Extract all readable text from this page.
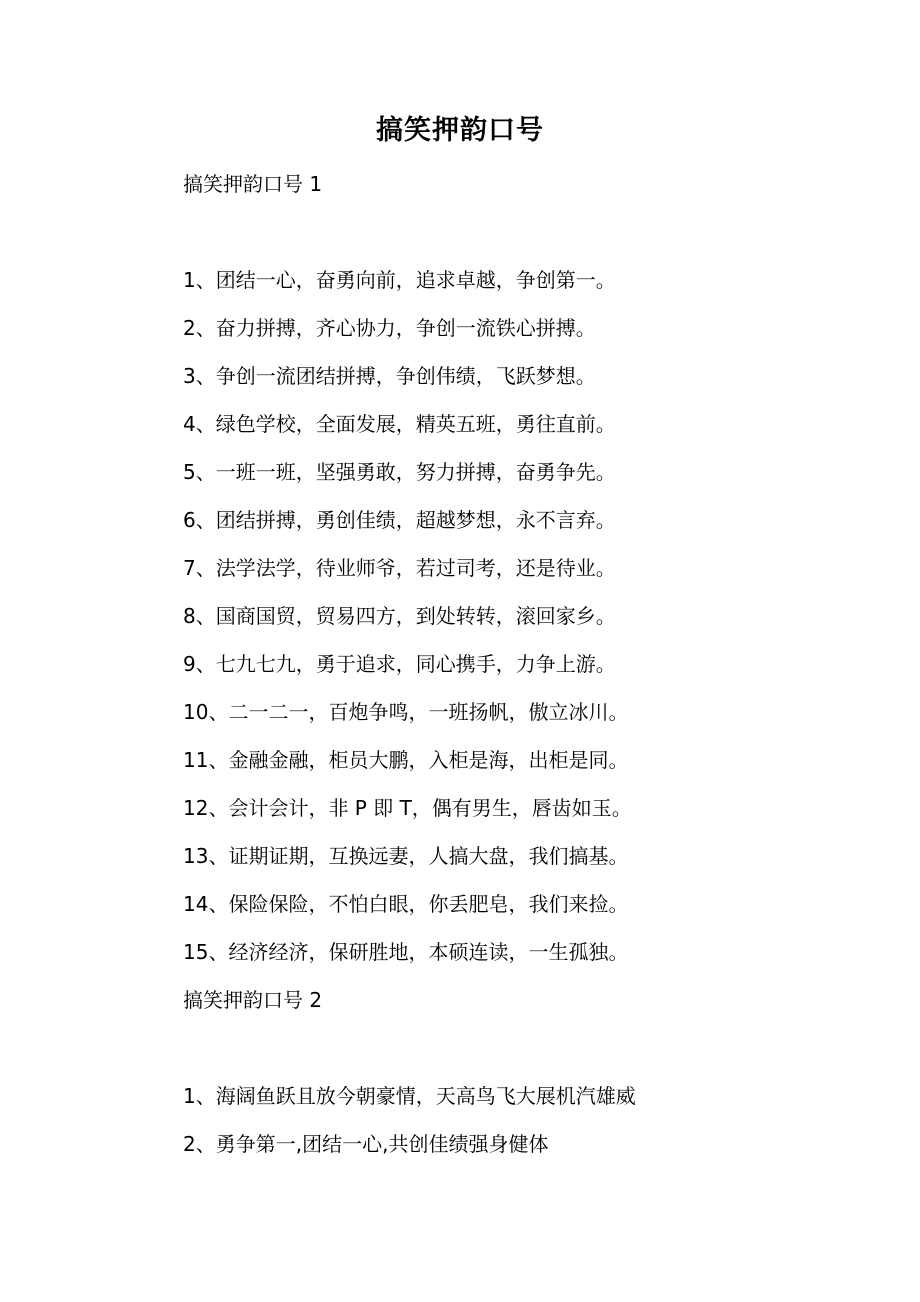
搞笑押韵口号
搞笑押韵口号 1
1、团结一心，奋勇向前，追求卓越，争创第一。
2、奋力拼搏，齐心协力，争创一流铁心拼搏。
3、争创一流团结拼搏，争创伟绩，飞跃梦想。
4、绿色学校，全面发展，精英五班，勇往直前。
5、一班一班，坚强勇敢，努力拼搏，奋勇争先。
6、团结拼搏，勇创佳绩，超越梦想，永不言弃。
7、法学法学，待业师爷，若过司考，还是待业。
8、国商国贸，贸易四方，到处转转，滚回家乡。
9、七九七九，勇于追求，同心携手，力争上游。
10、二一二一，百炮争鸣，一班扬帆，傲立冰川。
11、金融金融，柜员大鹏，入柜是海，出柜是同。
12、会计会计，非 P 即 T，偶有男生，唇齿如玉。
13、证期证期，互换远妻，人搞大盘，我们搞基。
14、保险保险，不怕白眼，你丢肥皂，我们来捡。
15、经济经济，保研胜地，本硕连读，一生孤独。
搞笑押韵口号 2
1、海阔鱼跃且放今朝豪情，天高鸟飞大展机汽雄威
2、勇争第一,团结一心,共创佳绩强身健体
